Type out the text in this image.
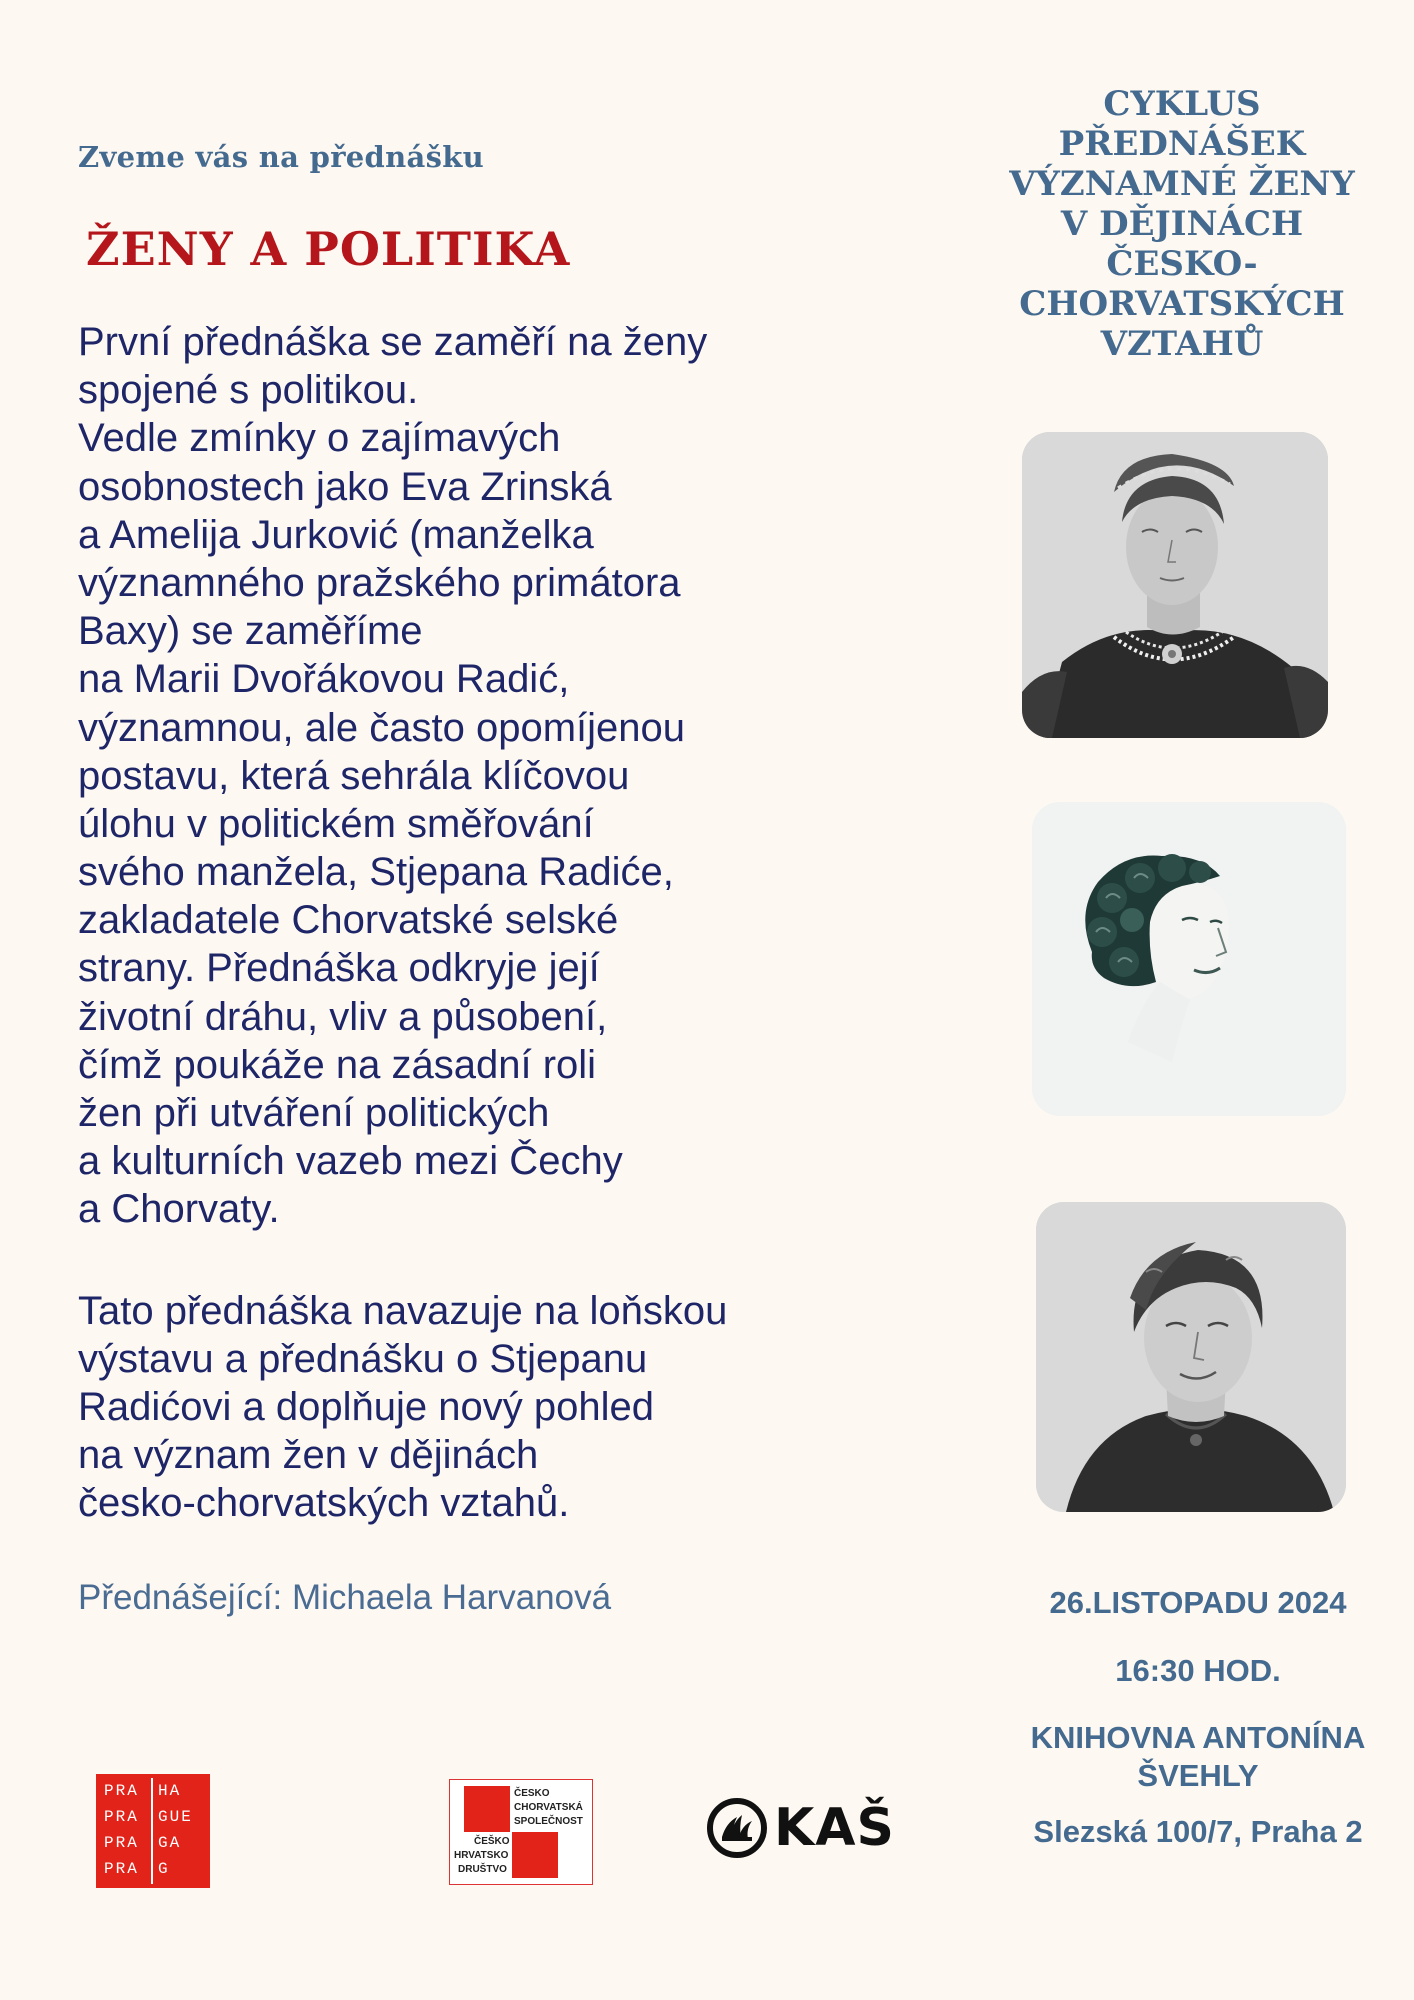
Zveme vás na přednášku
ŽENY A POLITIKA
První přednáška se zaměří na ženy
spojené s politikou.
Vedle zmínky o zajímavých
osobnostech jako Eva Zrinská
a Amelija Jurković (manželka
významného pražského primátora
Baxy) se zaměříme
na Marii Dvořákovou Radić,
významnou, ale často opomíjenou
postavu, která sehrála klíčovou
úlohu v politickém směřování
svého manžela, Stjepana Radiće,
zakladatele Chorvatské selské
strany. Přednáška odkryje její
životní dráhu, vliv a působení,
čímž poukáže na zásadní roli
žen při utváření politických
a kulturních vazeb mezi Čechy
a Chorvaty.
Tato přednáška navazuje na loňskou
výstavu a přednášku o Stjepanu
Radićovi a doplňuje nový pohled
na význam žen v dějinách
česko-chorvatských vztahů.
Přednášející: Michaela Harvanová
CYKLUS
PŘEDNÁŠEK
VÝZNAMNÉ ŽENY
V DĚJINÁCH
ČESKO-
CHORVATSKÝCH
VZTAHŮ
26.LISTOPADU 2024
16:30 HOD.
KNIHOVNA ANTONÍNA ŠVEHLY
Slezská 100/7, Praha 2
PRA
PRA
PRA
PRA
HA
GUE
GA
G
ČESKO
CHORVATSKÁ
SPOLEČNOST
ČEŠKO
HRVATSKO
DRUŠTVO
KAŠ
